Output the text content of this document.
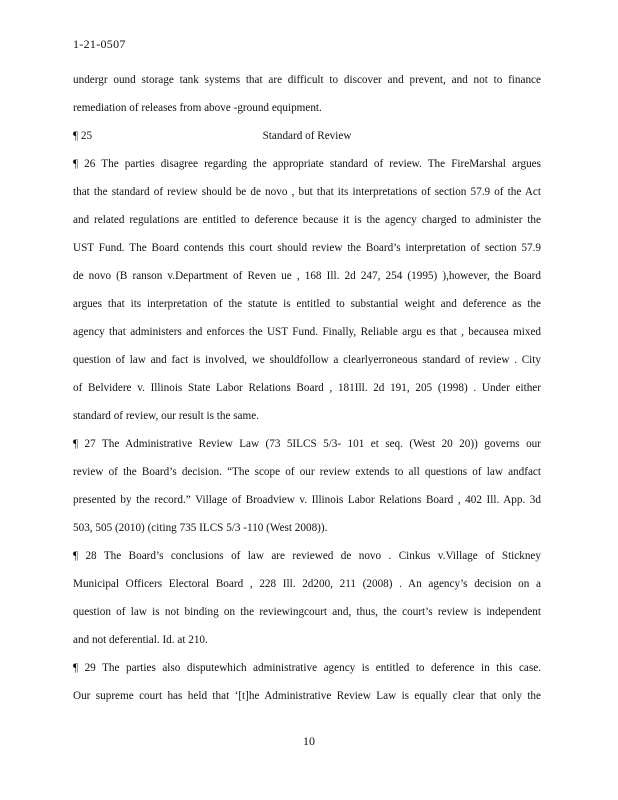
1-21-0507
undergr ound storage tank systems that are difficult to discover and prevent, and not to finance
remediation of releases from above -ground equipment.
¶ 25	Standard of Review
¶ 26 The parties disagree regarding the appropriate standard of review. The FireMarshal argues
that the standard of review should be de novo , but that its interpretations of section 57.9 of the Act
and related regulations are entitled to deference because it is the agency charged to administer the
UST Fund. The Board contends this court should review the Board’s interpretation of section 57.9
de novo (B ranson v.Department of Reven ue , 168 Ill. 2d 247, 254 (1995) ),however, the Board
argues that its interpretation of the statute is entitled to substantial weight and deference as the
agency that administers and enforces the UST Fund. Finally, Reliable argu es that , becausea mixed
question of law and fact is involved, we shouldfollow a clearlyerroneous standard of review . City
of Belvidere v. Illinois State Labor Relations Board , 181Ill. 2d 191, 205 (1998) . Under either
standard of review, our result is the same.
¶ 27 The Administrative Review Law (73 5ILCS 5/3- 101 et seq. (West 20 20)) governs our
review of the Board’s decision. “The scope of our review extends to all questions of law andfact
presented by the record.” Village of Broadview v. Illinois Labor Relations Board , 402 Ill. App. 3d
503, 505 (2010) (citing 735 ILCS 5/3 -110 (West 2008)).
¶ 28 The Board’s conclusions of law are reviewed de novo . Cinkus v.Village of Stickney
Municipal Officers Electoral Board , 228 Ill. 2d200, 211 (2008) . An agency’s decision on a
question of law is not binding on the reviewingcourt and, thus, the court’s review is independent
and not deferential. Id. at 210.
¶ 29 The parties also disputewhich administrative agency is entitled to deference in this case.
Our supreme court has held that ‘[t]he Administrative Review Law is equally clear that only the
10
